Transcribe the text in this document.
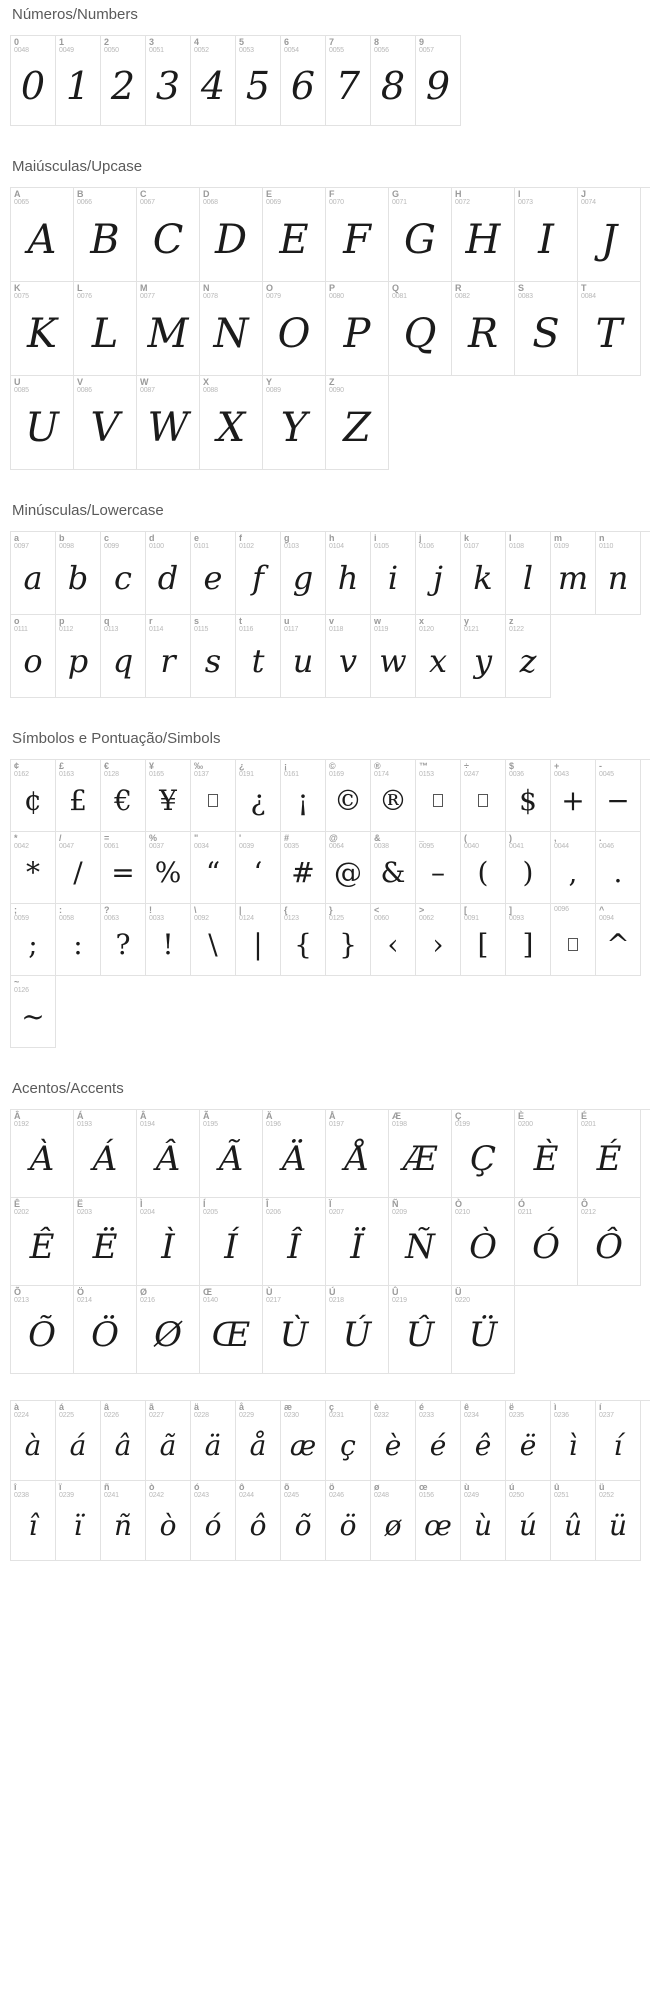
Números/Numbers
0
0048
0
1
0049
1
2
0050
2
3
0051
3
4
0052
4
5
0053
5
6
0054
6
7
0055
7
8
0056
8
9
0057
9
Maiúsculas/Upcase
A
0065
A
B
0066
B
C
0067
C
D
0068
D
E
0069
E
F
0070
F
G
0071
G
H
0072
H
I
0073
I
J
0074
J
K
0075
K
L
0076
L
M
0077
M
N
0078
N
O
0079
O
P
0080
P
Q
0081
Q
R
0082
R
S
0083
S
T
0084
T
U
0085
U
V
0086
V
W
0087
W
X
0088
X
Y
0089
Y
Z
0090
Z
Minúsculas/Lowercase
a
0097
a
b
0098
b
c
0099
c
d
0100
d
e
0101
e
f
0102
f
g
0103
g
h
0104
h
i
0105
i
j
0106
j
k
0107
k
l
0108
l
m
0109
m
n
0110
n
o
0111
o
p
0112
p
q
0113
q
r
0114
r
s
0115
s
t
0116
t
u
0117
u
v
0118
v
w
0119
w
x
0120
x
y
0121
y
z
0122
z
Símbolos e Pontuação/Simbols
¢
0162
¢
£
0163
£
€
0128
€
¥
0165
¥
‰
0137
¿
0191
¿
¡
0161
¡
©
0169
©
®
0174
®
™
0153
÷
0247
$
0036
$
+
0043
+
-
0045
−
*
0042
*
/
0047
/
=
0061
=
%
0037
%
"
0034
“
'
0039
‘
#
0035
#
@
0064
@
&
0038
&
_
0095
–
(
0040
(
)
0041
)
,
0044
,
.
0046
.
;
0059
;
:
0058
:
?
0063
?
!
0033
!
\
0092
\
|
0124
|
{
0123
{
}
0125
}
<
0060
‹
>
0062
›
[
0091
[
]
0093
]
0096	^
0094
^
~
0126
~
Acentos/Accents
Â
0192
À
Á
0193
Á
Â
0194
Â
Ã
0195
Ã
Ä
0196
Ä
Å
0197
Å
Æ
0198
Æ
Ç
0199
Ç
È
0200
È
É
0201
É
Ê
0202
Ê
Ë
0203
Ë
Ì
0204
Ì
Í
0205
Í
Î
0206
Î
Ï
0207
Ï
Ñ
0209
Ñ
Ò
0210
Ò
Ó
0211
Ó
Ô
0212
Ô
Õ
0213
Õ
Ö
0214
Ö
Ø
0216
Ø
Œ
0140
Œ
Ù
0217
Ù
Ú
0218
Ú
Û
0219
Û
Ü
0220
Ü
à
0224
à
á
0225
á
â
0226
â
ã
0227
ã
ä
0228
ä
å
0229
å
æ
0230
æ
ç
0231
ç
è
0232
è
é
0233
é
ê
0234
ê
ë
0235
ë
ì
0236
ì
í
0237
í
î
0238
î
ï
0239
ï
ñ
0241
ñ
ò
0242
ò
ó
0243
ó
ô
0244
ô
õ
0245
õ
ö
0246
ö
ø
0248
ø
œ
0156
œ
ù
0249
ù
ú
0250
ú
û
0251
û
ü
0252
ü
